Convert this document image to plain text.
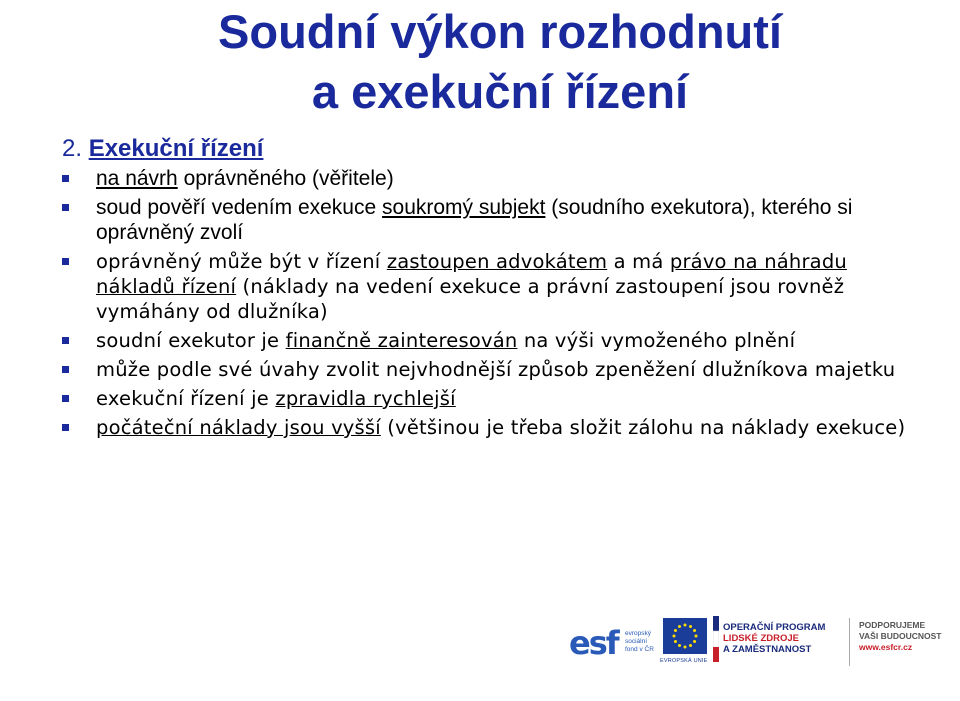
Soudní výkon rozhodnutí
a exekuční řízení
2. Exekuční řízení
na návrh oprávněného (věřitele)
soud pověří vedením exekuce soukromý subjekt (soudního exekutora), kterého si oprávněný zvolí
oprávněný může být v řízení zastoupen advokátem a má právo na náhradu nákladů řízení (náklady na vedení exekuce a právní zastoupení jsou rovněž vymáhány od dlužníka)
soudní exekutor je finančně zainteresován na výši vymoženého plnění
může podle své úvahy zvolit nejvhodnější způsob zpeněžení dlužníkova majetku
exekuční řízení je zpravidla rychlejší
počáteční náklady jsou vyšší (většinou je třeba složit zálohu na náklady exekuce)
esf evropský
sociální
fond v ČR
EVROPSKÁ UNIE
OPERAČNÍ PROGRAM
LIDSKÉ ZDROJE
A ZAMĚSTNANOST
PODPORUJEME
VAŠI BUDOUCNOST
www.esfcr.cz
